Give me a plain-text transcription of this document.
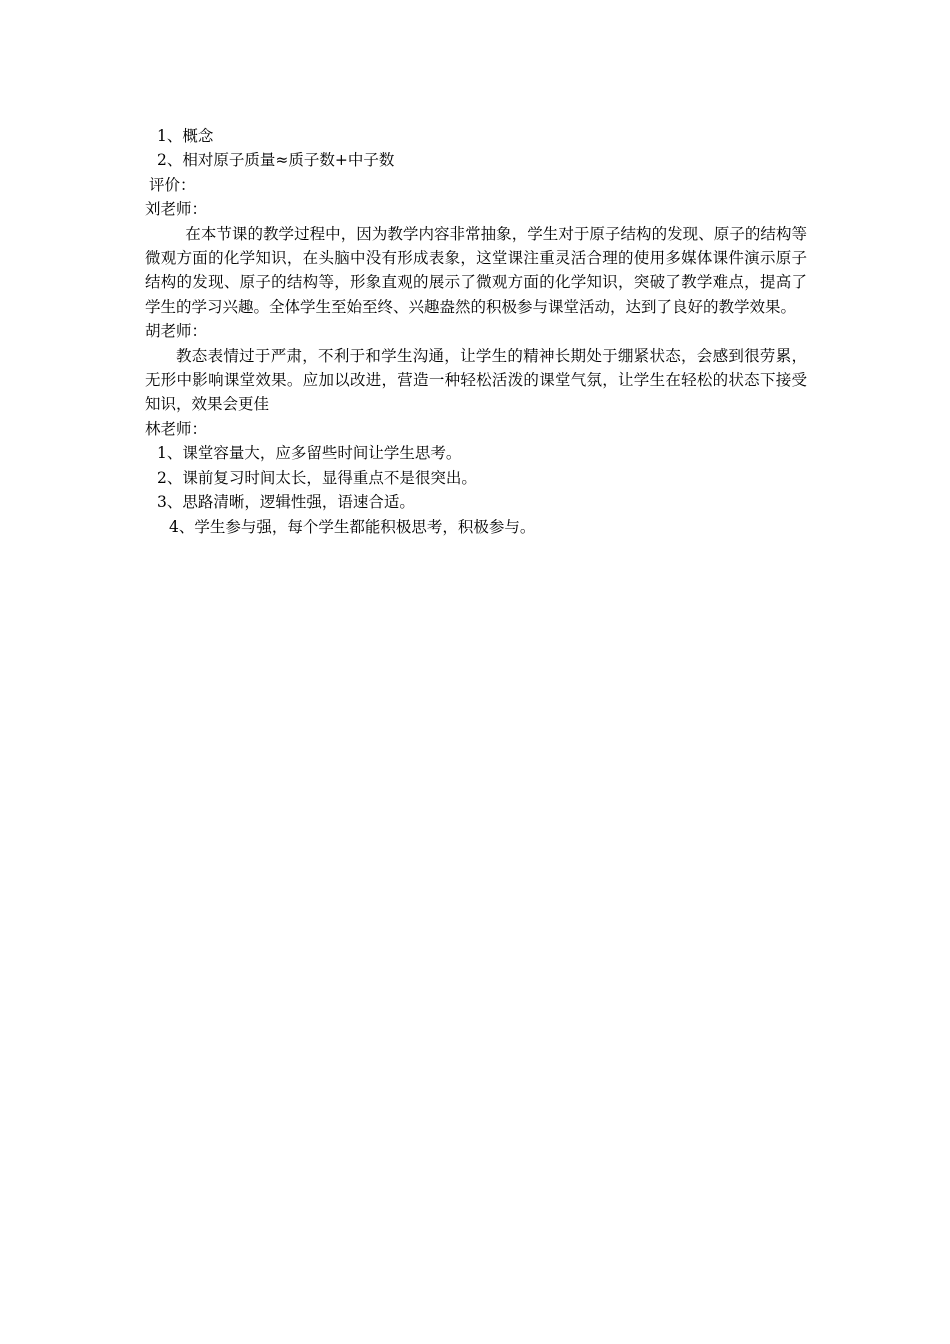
1、概念
2、相对原子质量≈质子数+中子数
评价：
刘老师：

在本节课的教学过程中，因为教学内容非常抽象，学生对于原子结构的发现、原子的结构等微观方面的化学知识，在头脑中没有形成表象，这堂课注重灵活合理的使用多媒体课件演示原子结构的发现、原子的结构等，形象直观的展示了微观方面的化学知识，突破了教学难点，提高了学生的学习兴趣。全体学生至始至终、兴趣盎然的积极参与课堂活动，达到了良好的教学效果。

胡老师：

教态表情过于严肃，不利于和学生沟通，让学生的精神长期处于绷紧状态，会感到很劳累，无形中影响课堂效果。应加以改进，营造一种轻松活泼的课堂气氛，让学生在轻松的状态下接受知识，效果会更佳

林老师：
1、课堂容量大，应多留些时间让学生思考。
2、课前复习时间太长，显得重点不是很突出。
3、思路清晰，逻辑性强，语速合适。
4、学生参与强，每个学生都能积极思考，积极参与。
